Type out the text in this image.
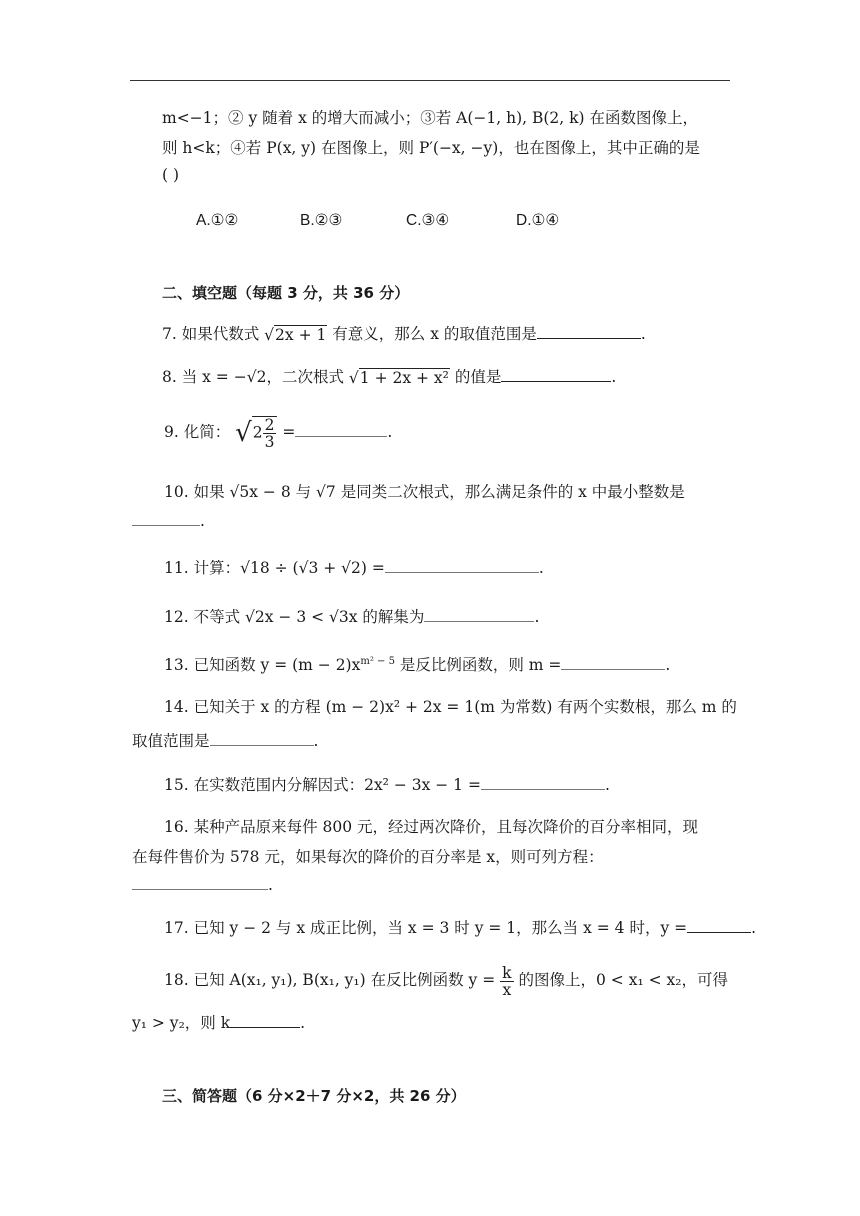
m<−1；② y 随着 x 的增大而减小；③若 A(−1, h), B(2, k) 在函数图像上，
则 h<k；④若 P(x, y) 在图像上，则 P′(−x, −y)，也在图像上，其中正确的是
( )
A.①②	B.②③	C.③④	D.①④
二、填空题（每题 3 分，共 36 分）
7. 如果代数式 √2x + 1 有意义，那么 x 的取值范围是	.
8. 当 x = −√2，二次根式 √1 + 2x + x² 的值是	.
9. 化简： $√2 \frac{2}{3}$ =	.
10. 如果 √5x − 8 与 √7 是同类二次根式，那么满足条件的 x 中最小整数是
.
11. 计算：√18 ÷ (√3 + √2) =	.
12. 不等式 √2x − 3 < √3x 的解集为	.
13. 已知函数 $y = (m - 2)x^{m^2 - 5}$ 是反比例函数，则 m =	.
14. 已知关于 x 的方程 (m − 2)x² + 2x = 1(m 为常数) 有两个实数根，那么 m 的
取值范围是	.
15. 在实数范围内分解因式：2x² − 3x − 1 =	.
16. 某种产品原来每件 800 元，经过两次降价，且每次降价的百分率相同，现
在每件售价为 578 元，如果每次的降价的百分率是 x，则可列方程：
.
17. 已知 y − 2 与 x 成正比例，当 x = 3 时 y = 1，那么当 x = 4 时，y =	.
18. 已知 A(x₁, y₁), B(x₁, y₁) 在反比例函数 $y = \frac{k}{x}$ 的图像上，0 < x₁ < x₂，可得
y₁ > y₂，则 k	.
三、简答题（6 分×2＋7 分×2，共 26 分）
